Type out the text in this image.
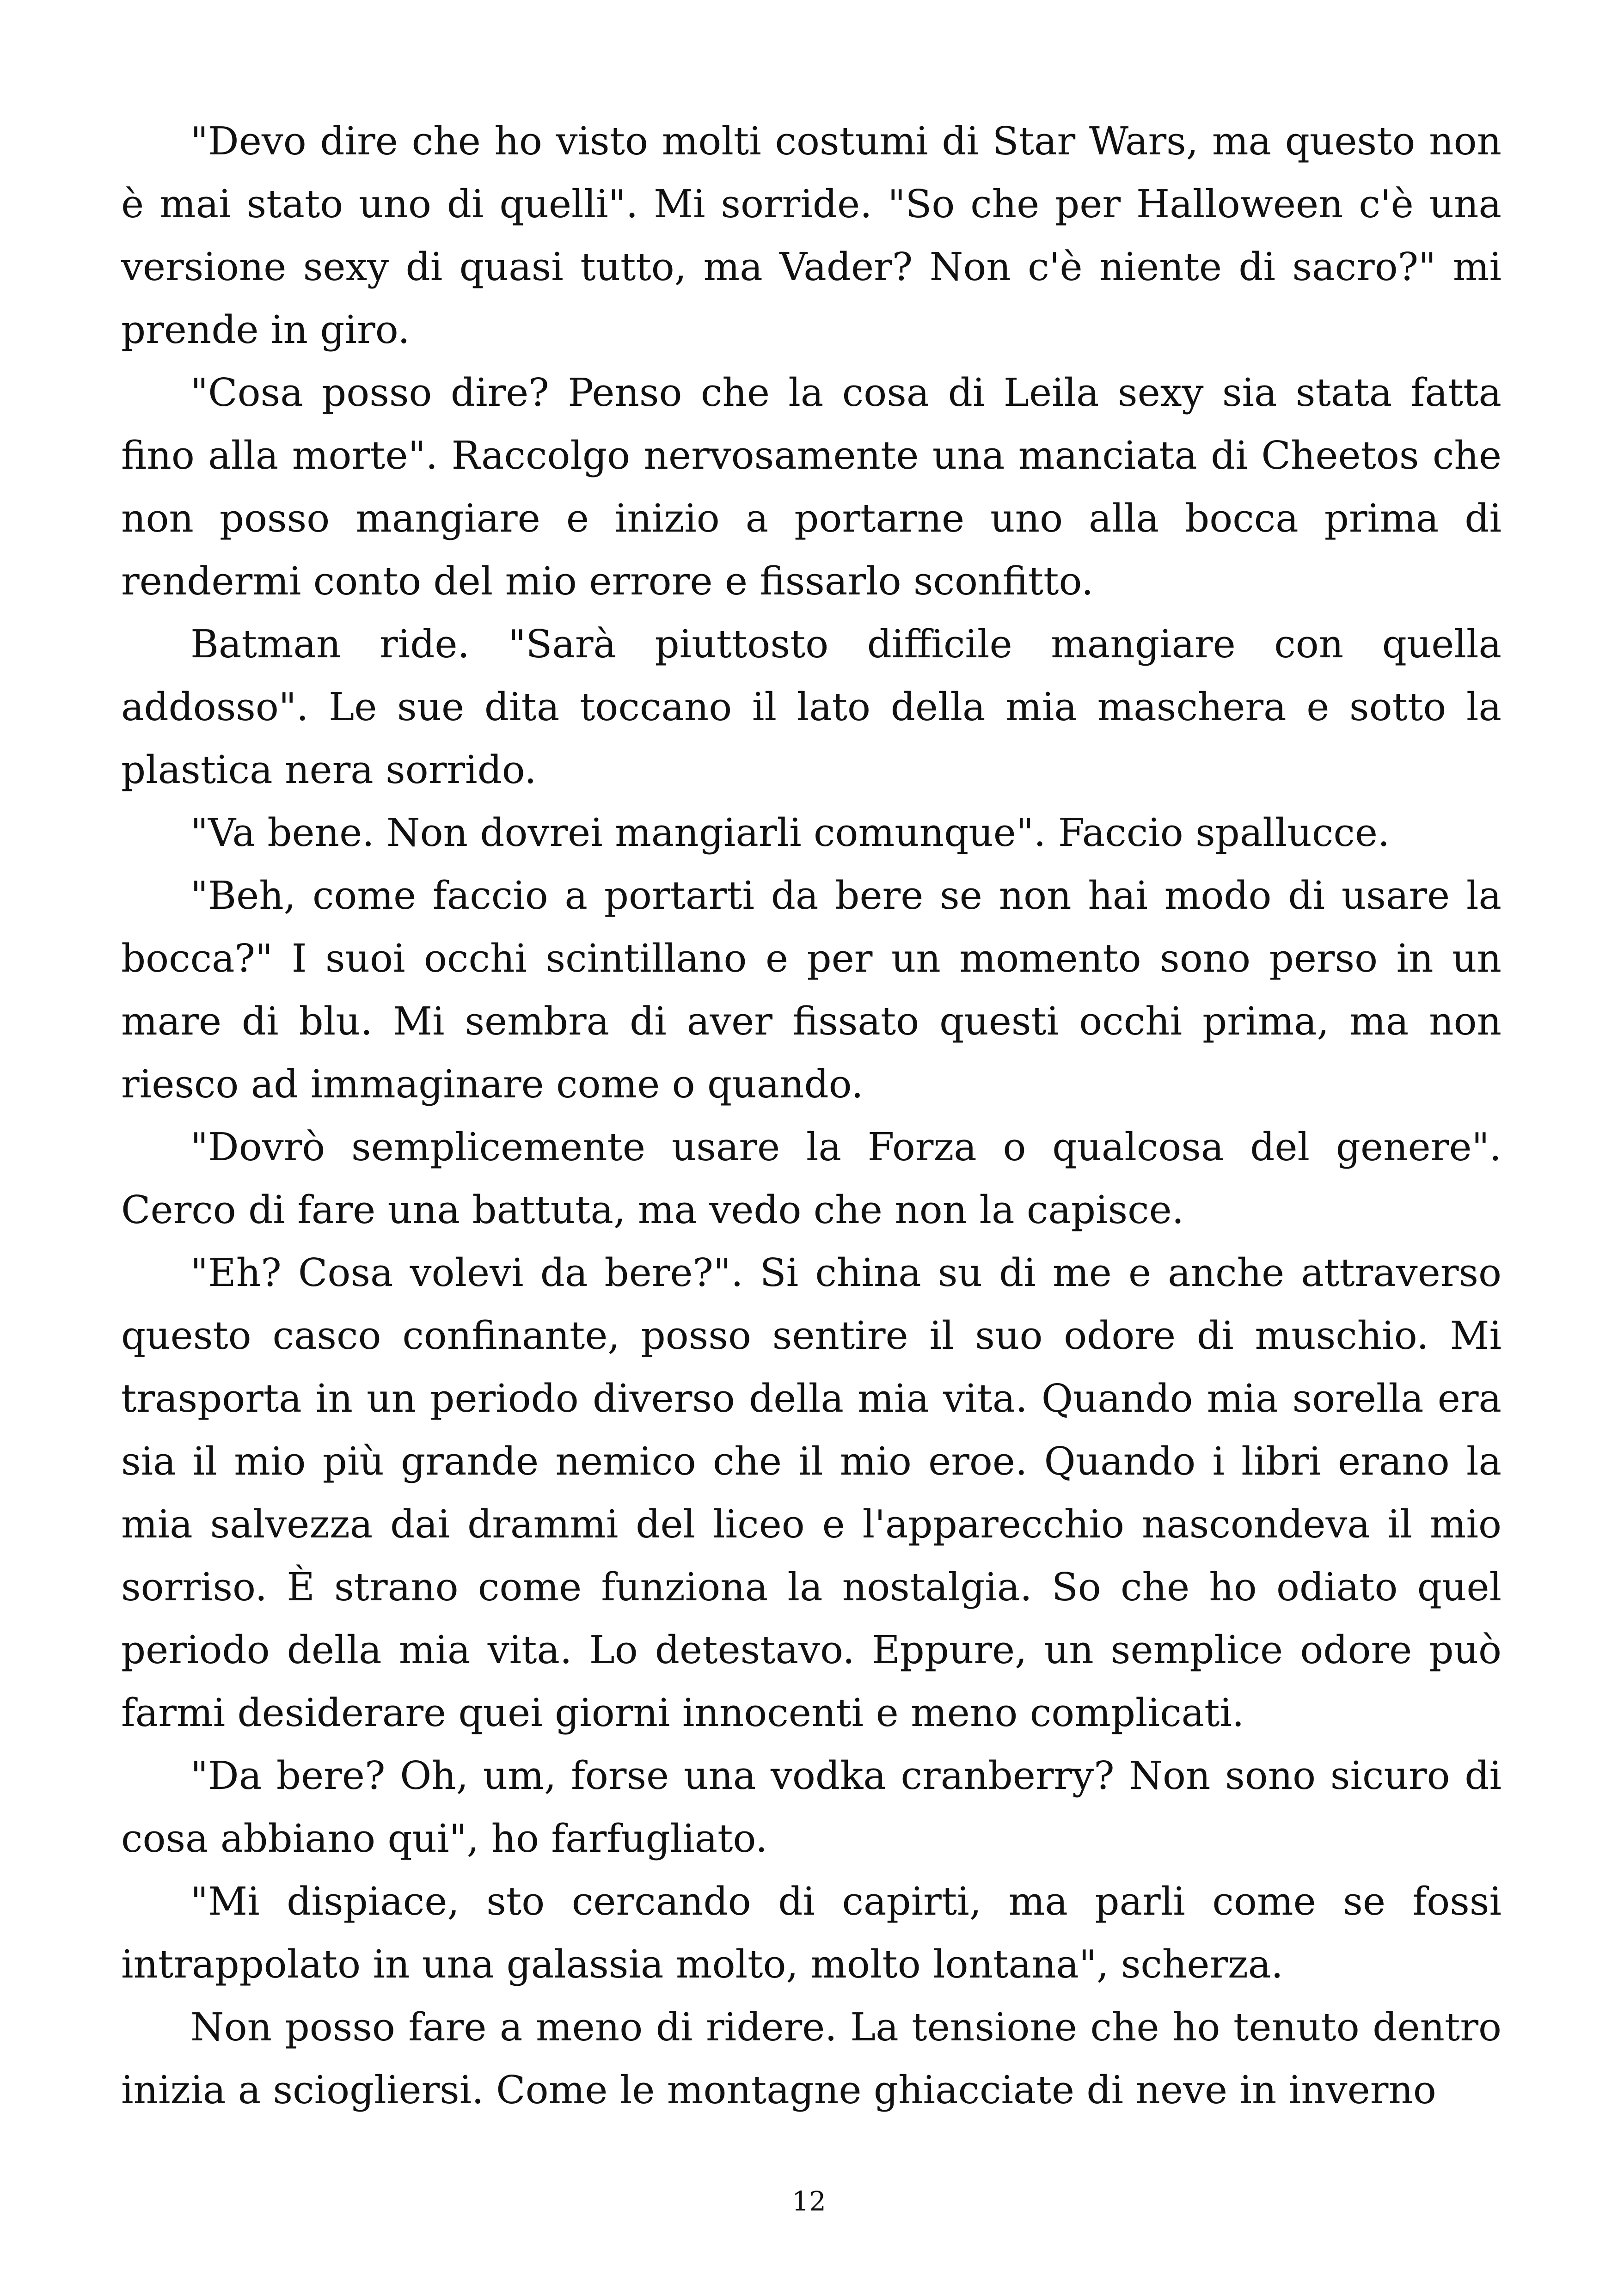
"Devo dire che ho visto molti costumi di Star Wars, ma questo non è mai stato uno di quelli". Mi sorride. "So che per Halloween c'è una versione sexy di quasi tutto, ma Vader? Non c'è niente di sacro?" mi prende in giro.

"Cosa posso dire? Penso che la cosa di Leila sexy sia stata fatta fino alla morte". Raccolgo nervosamente una manciata di Cheetos che non posso mangiare e inizio a portarne uno alla bocca prima di rendermi conto del mio errore e fissarlo sconfitto.

Batman ride. "Sarà piuttosto difficile mangiare con quella addosso". Le sue dita toccano il lato della mia maschera e sotto la plastica nera sorrido.

"Va bene. Non dovrei mangiarli comunque". Faccio spallucce.

"Beh, come faccio a portarti da bere se non hai modo di usare la bocca?" I suoi occhi scintillano e per un momento sono perso in un mare di blu. Mi sembra di aver fissato questi occhi prima, ma non riesco ad immaginare come o quando.

"Dovrò semplicemente usare la Forza o qualcosa del genere". Cerco di fare una battuta, ma vedo che non la capisce.

"Eh? Cosa volevi da bere?". Si china su di me e anche attraverso questo casco confinante, posso sentire il suo odore di muschio. Mi trasporta in un periodo diverso della mia vita. Quando mia sorella era sia il mio più grande nemico che il mio eroe. Quando i libri erano la mia salvezza dai drammi del liceo e l'apparecchio nascondeva il mio sorriso. È strano come funziona la nostalgia. So che ho odiato quel periodo della mia vita. Lo detestavo. Eppure, un semplice odore può farmi desiderare quei giorni innocenti e meno complicati.

"Da bere? Oh, um, forse una vodka cranberry? Non sono sicuro di cosa abbiano qui", ho farfugliato.

"Mi dispiace, sto cercando di capirti, ma parli come se fossi intrappolato in una galassia molto, molto lontana", scherza.

Non posso fare a meno di ridere. La tensione che ho tenuto dentro inizia a sciogliersi. Come le montagne ghiacciate di neve in inverno

12
